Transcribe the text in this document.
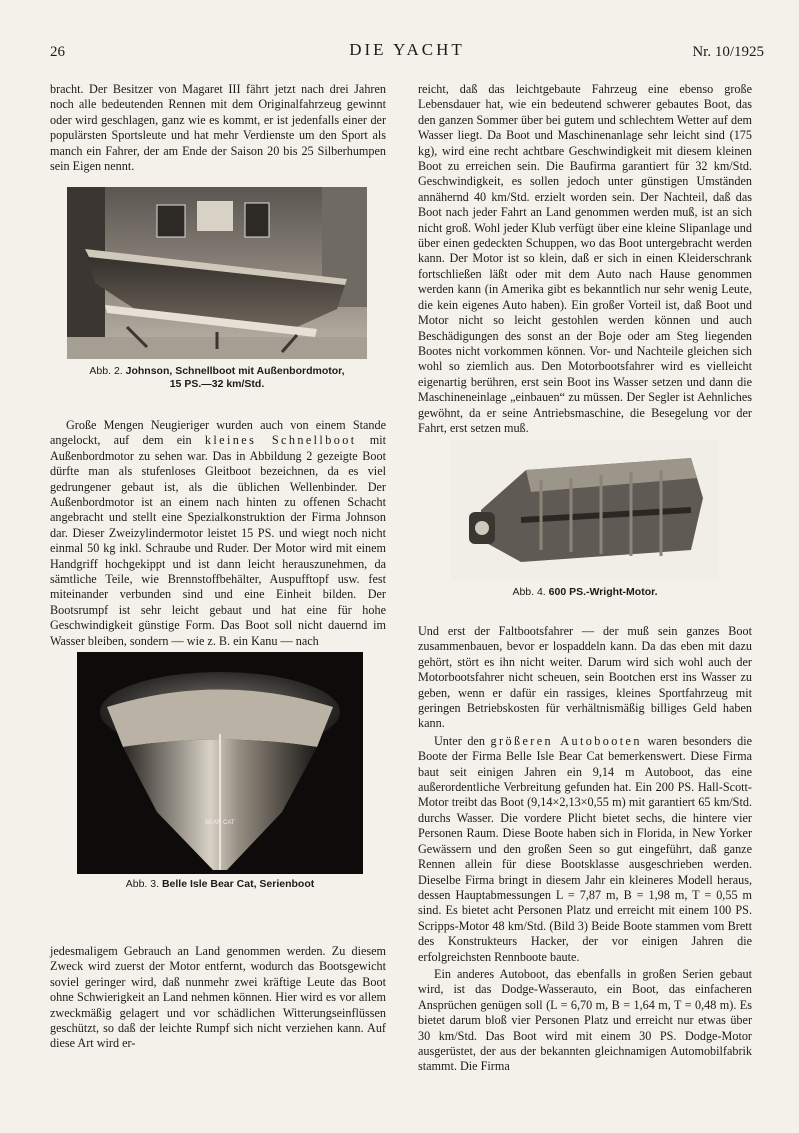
26	DIE YACHT	Nr. 10/1925

bracht. Der Besitzer von Magaret III fährt jetzt nach drei Jahren noch alle bedeutenden Rennen mit dem Originalfahrzeug gewinnt oder wird geschlagen, ganz wie es kommt, er ist jedenfalls einer der populärsten Sportsleute und hat mehr Verdienste um den Sport als manch ein Fahrer, der am Ende der Saison 20 bis 25 Silberhumpen sein Eigen nennt.

Abb. 2. Johnson, Schnellboot mit Außenbordmotor,
15 PS.—32 km/Std.

Große Mengen Neugieriger wurden auch von einem Stande angelockt, auf dem ein kleines Schnellboot mit Außenbordmotor zu sehen war. Das in Abbildung 2 gezeigte Boot dürfte man als stufenloses Gleitboot bezeichnen, da es viel gedrungener gebaut ist, als die üblichen Wellenbinder. Der Außenbordmotor ist an einem nach hinten zu offenen Schacht angebracht und stellt eine Spezialkonstruktion der Firma Johnson dar. Dieser Zweizylindermotor leistet 15 PS. und wiegt noch nicht einmal 50 kg inkl. Schraube und Ruder. Der Motor wird mit einem Handgriff hochgekippt und ist dann leicht herauszunehmen, da sämtliche Teile, wie Brennstoffbehälter, Auspufftopf usw. fest miteinander verbunden sind und eine Einheit bilden. Der Bootsrumpf ist sehr leicht gebaut und hat eine für hohe Geschwindigkeit günstige Form. Das Boot soll nicht dauernd im Wasser bleiben, sondern — wie z. B. ein Kanu — nach

BEAR CAT
Abb. 3. Belle Isle Bear Cat, Serienboot

jedesmaligem Gebrauch an Land genommen werden. Zu diesem Zweck wird zuerst der Motor entfernt, wodurch das Bootsgewicht soviel geringer wird, daß nunmehr zwei kräftige Leute das Boot ohne Schwierigkeit an Land nehmen können. Hier wird es vor allem zweckmäßig gelagert und vor schädlichen Witterungseinflüssen geschützt, so daß der leichte Rumpf sich nicht verziehen kann. Auf diese Art wird er-

reicht, daß das leichtgebaute Fahrzeug eine ebenso große Lebensdauer hat, wie ein bedeutend schwerer gebautes Boot, das den ganzen Sommer über bei gutem und schlechtem Wetter auf dem Wasser liegt. Da Boot und Maschinenanlage sehr leicht sind (175 kg), wird eine recht achtbare Geschwindigkeit mit diesem kleinen Boot zu erreichen sein. Die Baufirma garantiert für 32 km/Std. Geschwindigkeit, es sollen jedoch unter günstigen Umständen annähernd 40 km/Std. erzielt worden sein. Der Nachteil, daß das Boot nach jeder Fahrt an Land genommen werden muß, ist an sich nicht groß. Wohl jeder Klub verfügt über eine kleine Slipanlage und über einen gedeckten Schuppen, wo das Boot untergebracht werden kann. Der Motor ist so klein, daß er sich in einen Kleiderschrank fortschließen läßt oder mit dem Auto nach Hause genommen werden kann (in Amerika gibt es bekanntlich nur sehr wenig Leute, die kein eigenes Auto haben). Ein großer Vorteil ist, daß Boot und Motor nicht so leicht gestohlen werden können und auch Beschädigungen des sonst an der Boje oder am Steg liegenden Bootes nicht vorkommen können. Vor- und Nachteile gleichen sich wohl so ziemlich aus. Den Motorbootsfahrer wird es vielleicht eigenartig berühren, erst sein Boot ins Wasser setzen und dann die Maschineneinlage „einbauen“ zu müssen. Der Segler ist Aehnliches gewöhnt, da er seine Antriebsmaschine, die Besegelung vor der Fahrt, erst setzen muß.

Abb. 4. 600 PS.-Wright-Motor.

Und erst der Faltbootsfahrer — der muß sein ganzes Boot zusammenbauen, bevor er lospaddeln kann. Da das eben mit dazu gehört, stört es ihn nicht weiter. Darum wird sich wohl auch der Motorbootsfahrer nicht scheuen, sein Bootchen erst ins Wasser zu geben, wenn er dafür ein rassiges, kleines Sportfahrzeug mit geringen Betriebskosten für verhältnismäßig billiges Geld haben kann.

Unter den größeren Autobooten waren besonders die Boote der Firma Belle Isle Bear Cat bemerkenswert. Diese Firma baut seit einigen Jahren ein 9,14 m Autoboot, das eine außerordentliche Verbreitung gefunden hat. Ein 200 PS. Hall-Scott-Motor treibt das Boot (9,14×2,13×0,55 m) mit garantiert 65 km/Std. durchs Wasser. Die vordere Plicht bietet sechs, die hintere vier Personen Raum. Diese Boote haben sich in Florida, in New Yorker Gewässern und den großen Seen so gut eingeführt, daß ganze Rennen allein für diese Bootsklasse ausgeschrieben werden. Dieselbe Firma bringt in diesem Jahr ein kleineres Modell heraus, dessen Hauptabmessungen L = 7,87 m, B = 1,98 m, T = 0,55 m sind. Es bietet acht Personen Platz und erreicht mit einem 100 PS. Scripps-Motor 48 km/Std. (Bild 3) Beide Boote stammen vom Brett des Konstrukteurs Hacker, der vor einigen Jahren die erfolgreichsten Rennboote baute.

Ein anderes Autoboot, das ebenfalls in großen Serien gebaut wird, ist das Dodge-Wasserauto, ein Boot, das einfacheren Ansprüchen genügen soll (L = 6,70 m, B = 1,64 m, T = 0,48 m). Es bietet darum bloß vier Personen Platz und erreicht nur etwas über 30 km/Std. Das Boot wird mit einem 30 PS. Dodge-Motor ausgerüstet, der aus der bekannten gleichnamigen Automobilfabrik stammt. Die Firma
